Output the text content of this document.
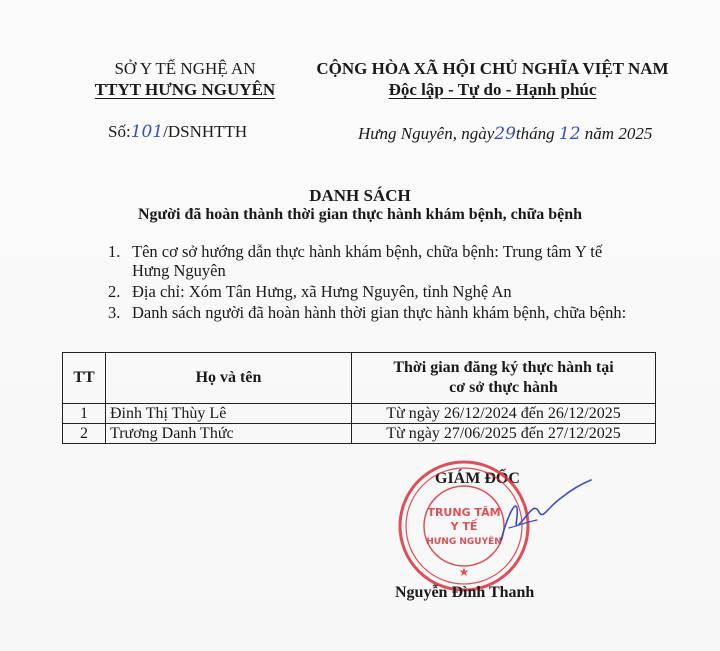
SỞ Y TẾ NGHỆ AN
TTYT HƯNG NGUYÊN
CỘNG HÒA XÃ HỘI CHỦ NGHĨA VIỆT NAM
Độc lập - Tự do - Hạnh phúc
Số:101/DSNHTTH	Hưng Nguyên, ngày29tháng 12 năm 2025
DANH SÁCH
Người đã hoàn thành thời gian thực hành khám bệnh, chữa bệnh
1. Tên cơ sở hướng dẫn thực hành khám bệnh, chữa bệnh: Trung tâm Y tế Hưng Nguyên
2. Địa chỉ: Xóm Tân Hưng, xã Hưng Nguyên, tỉnh Nghệ An
3. Danh sách người đã hoàn hành thời gian thực hành khám bệnh, chữa bệnh:
TT	Họ và tên	Thời gian đăng ký thực hành tại
cơ sở thực hành
1	Đinh Thị Thùy Lê	Từ ngày 26/12/2024 đến 26/12/2025
2	Trương Danh Thức	Từ ngày 27/06/2025 đến 27/12/2025
GIÁM ĐỐC
TRUNG TÂM
Y TẾ
HƯNG NGUYÊN
★
Nguyễn Đình Thanh
